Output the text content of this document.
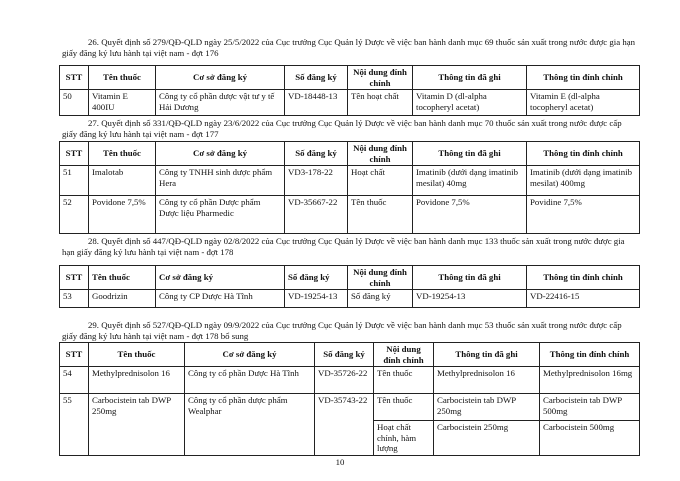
26. Quyết định số 279/QĐ-QLD ngày 25/5/2022 của Cục trưởng Cục Quản lý Dược về việc ban hành danh mục 69 thuốc sản xuất trong nước được gia hạn giấy đăng ký lưu hành tại việt nam - đợt 176

STT	Tên thuốc	Cơ sở đăng ký	Số đăng ký	Nội dung đính chính	Thông tin đã ghi	Thông tin đính chính
50	Vitamin E 400IU	Công ty cổ phần dược vật tư y tế Hải Dương	VD-18448-13	Tên hoạt chất	Vitamin D (dl-alpha tocopheryl acetat)	Vitamin E (dl-alpha tocopheryl acetat)

27. Quyết định số 331/QĐ-QLD ngày 23/6/2022 của Cục trưởng Cục Quản lý Dược về việc ban hành danh mục 70 thuốc sản xuất trong nước được cấp giấy đăng ký lưu hành tại việt nam - đợt 177

STT	Tên thuốc	Cơ sở đăng ký	Số đăng ký	Nội dung đính chính	Thông tin đã ghi	Thông tin đính chính
51	Imalotab	Công ty TNHH sinh dược phẩm Hera	VD3-178-22	Hoạt chất	Imatinib (dưới dạng imatinib mesilat) 40mg	Imatinib (dưới dạng imatinib mesilat) 400mg
52	Povidone 7,5%	Công ty cổ phần Dược phẩm Dược liệu Pharmedic	VD-35667-22	Tên thuốc	Povidone 7,5%	Povidine 7,5%

28. Quyết định số 447/QĐ-QLD ngày 02/8/2022 của Cục trưởng Cục Quản lý Dược về việc ban hành danh mục 133 thuốc sản xuất trong nước được gia hạn giấy đăng ký lưu hành tại việt nam - đợt 178

STT	Tên thuốc	Cơ sở đăng ký	Số đăng ký	Nội dung đính chính	Thông tin đã ghi	Thông tin đính chính
53	Goodrizin	Công ty CP Dược Hà Tĩnh	VD-19254-13	Số đăng ký	VD-19254-13	VD-22416-15

29. Quyết định số 527/QĐ-QLD ngày 09/9/2022 của Cục trưởng Cục Quản lý Dược về việc ban hành danh mục 53 thuốc sản xuất trong nước được cấp giấy đăng ký lưu hành tại việt nam - đợt 178 bổ sung

STT	Tên thuốc	Cơ sở đăng ký	Số đăng ký	Nội dung đính chính	Thông tin đã ghi	Thông tin đính chính
54	Methylprednisolon 16	Công ty cổ phần Dược Hà Tĩnh	VD-35726-22	Tên thuốc	Methylprednisolon 16	Methylprednisolon 16mg
55	Carbocistein tab DWP 250mg	Công ty cổ phần dược phẩm Wealphar	VD-35743-22	Tên thuốc	Carbocistein tab DWP 250mg	Carbocistein tab DWP 500mg
				Hoạt chất chính, hàm lượng	Carbocistein 250mg	Carbocistein 500mg
10
